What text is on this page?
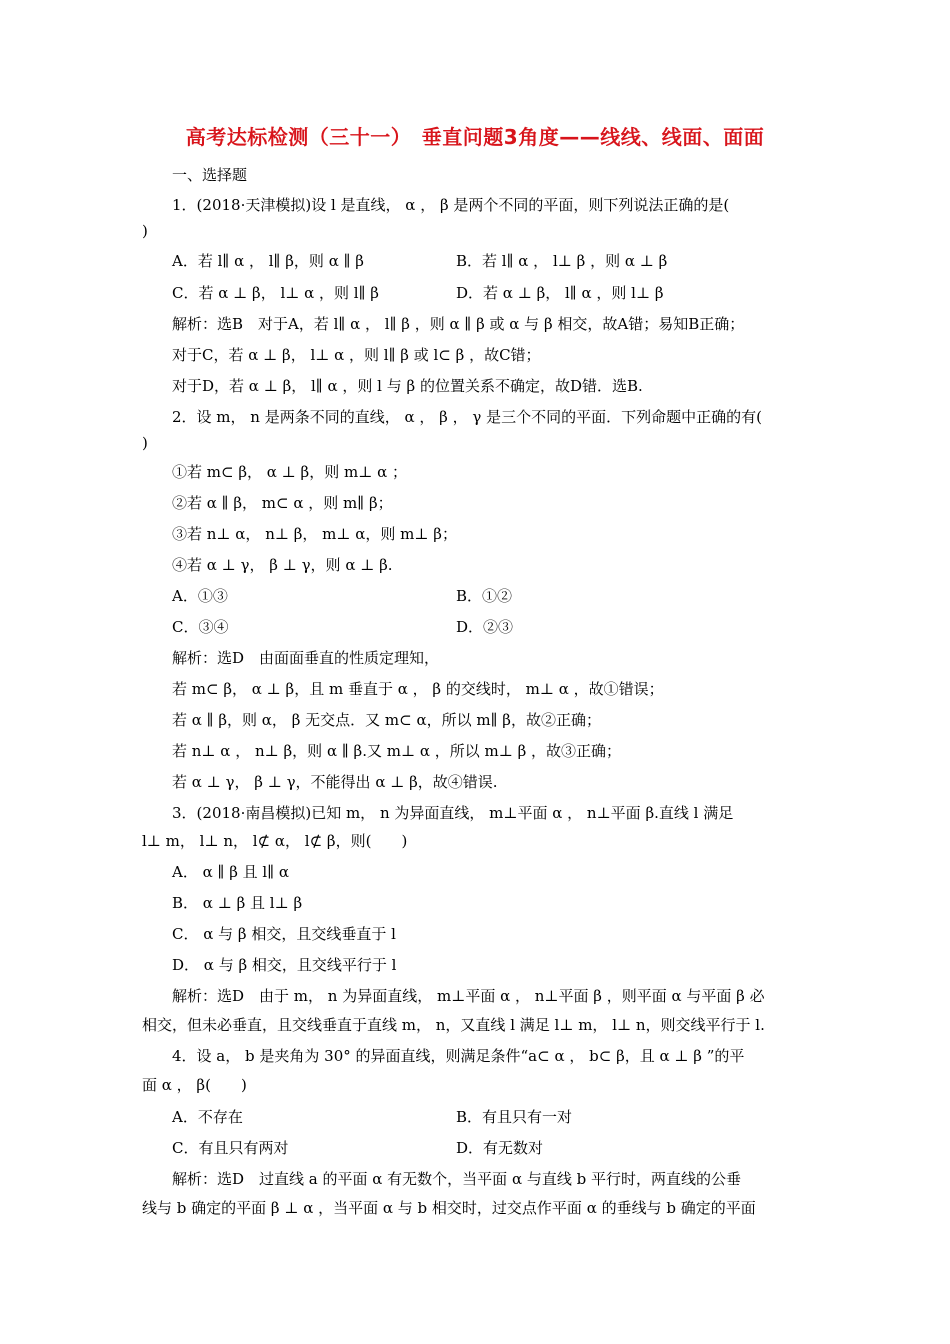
高考达标检测（三十一）　垂直问题3角度——线线、线面、面面
一、选择题
1．(2018·天津模拟)设 l 是直线， α ， β 是两个不同的平面，则下列说法正确的是(
)
A．若 l∥ α ， l∥ β，则 α ∥ β	B．若 l∥ α ， l⊥ β ，则 α ⊥ β
C．若 α ⊥ β， l⊥ α ，则 l∥ β	D．若 α ⊥ β， l∥ α ，则 l⊥ β
解析：选B　对于A，若 l∥ α ， l∥ β ，则 α ∥ β 或 α 与 β 相交，故A错；易知B正确；
对于C，若 α ⊥ β， l⊥ α ，则 l∥ β 或 l⊂ β ，故C错；
对于D，若 α ⊥ β， l∥ α ，则 l 与 β 的位置关系不确定，故D错．选B.
2．设 m， n 是两条不同的直线， α ， β ， γ 是三个不同的平面．下列命题中正确的有(
)
①若 m⊂ β， α ⊥ β，则 m⊥ α ；
②若 α ∥ β， m⊂ α ，则 m∥ β；
③若 n⊥ α， n⊥ β， m⊥ α，则 m⊥ β；
④若 α ⊥ γ， β ⊥ γ，则 α ⊥ β.
A．①③	B．①②
C．③④	D．②③
解析：选D　由面面垂直的性质定理知，
若 m⊂ β， α ⊥ β，且 m 垂直于 α ， β 的交线时， m⊥ α ，故①错误；
若 α ∥ β，则 α， β 无交点．又 m⊂ α，所以 m∥ β，故②正确；
若 n⊥ α ， n⊥ β，则 α ∥ β.又 m⊥ α ，所以 m⊥ β ，故③正确；
若 α ⊥ γ， β ⊥ γ，不能得出 α ⊥ β，故④错误.
3．(2018·南昌模拟)已知 m， n 为异面直线， m⊥平面 α ， n⊥平面 β.直线 l 满足
l⊥ m， l⊥ n， l⊄ α， l⊄ β，则(　　)
A． α ∥ β 且 l∥ α
B． α ⊥ β 且 l⊥ β
C． α 与 β 相交，且交线垂直于 l
D． α 与 β 相交，且交线平行于 l
解析：选D　由于 m， n 为异面直线， m⊥平面 α ， n⊥平面 β ，则平面 α 与平面 β 必
相交，但未必垂直，且交线垂直于直线 m， n，又直线 l 满足 l⊥ m， l⊥ n，则交线平行于 l.
4．设 a， b 是夹角为 30° 的异面直线，则满足条件“a⊂ α ， b⊂ β，且 α ⊥ β ”的平
面 α ， β(　　)
A．不存在	B．有且只有一对
C．有且只有两对	D．有无数对
解析：选D　过直线 a 的平面 α 有无数个，当平面 α 与直线 b 平行时，两直线的公垂
线与 b 确定的平面 β ⊥ α ，当平面 α 与 b 相交时，过交点作平面 α 的垂线与 b 确定的平面
